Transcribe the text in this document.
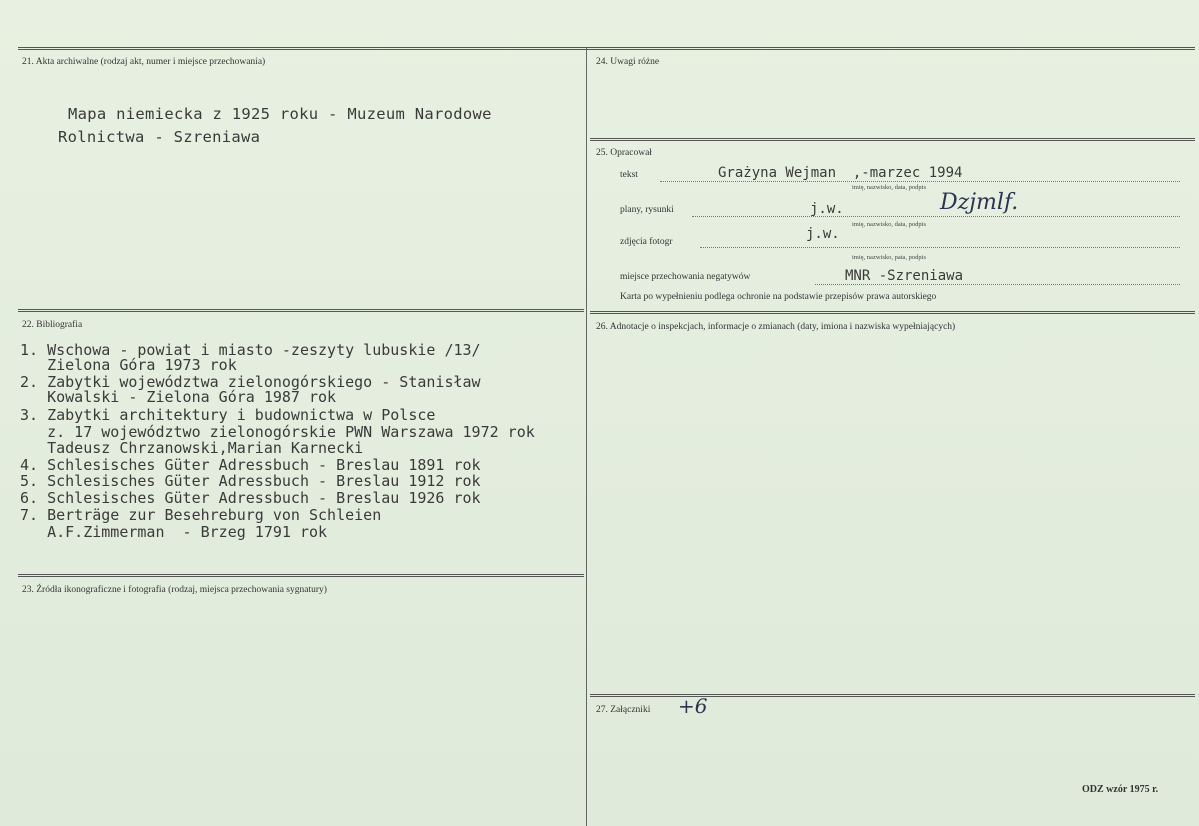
21. Akta archiwalne (rodzaj akt, numer i miejsce przechowania)
Mapa niemiecka z 1925 roku - Muzeum Narodowe
Rolnictwa - Szreniawa
22. Bibliografia
1. Wschowa - powiat i miasto -zeszyty lubuskie /13/
Zielona Góra 1973 rok
2. Zabytki województwa zielonogórskiego - Stanisław
Kowalski - Zielona Góra 1987 rok
3. Zabytki architektury i budownictwa w Polsce
z. 17 województwo zielonogórskie PWN Warszawa 1972 rok
Tadeusz Chrzanowski,Marian Karnecki
4. Schlesisches Güter Adressbuch - Breslau 1891 rok
5. Schlesisches Güter Adressbuch - Breslau 1912 rok
6. Schlesisches Güter Adressbuch - Breslau 1926 rok
7. Berträge zur Besehreburg von Schleien
A.F.Zimmerman  - Brzeg 1791 rok
23. Źródła ikonograficzne i fotografia (rodzaj, miejsca przechowania sygnatury)
24. Uwagi różne
25. Opracował
tekst	Grażyna Wejman  ,-marzec 1994
imię, nazwisko, data, podpis
plany, rysunki	j.w.	Dzjmlf.
imię, nazwisko, data, podpis
zdjęcia fotogr	j.w.
imię, nazwisko, pata, podpis
miejsce przechowania negatywów	MNR -Szreniawa
Karta po wypełnieniu podlega ochronie na podstawie przepisów prawa autorskiego
26. Adnotacje o inspekcjach, informacje o zmianach (daty, imiona i nazwiska wypełniających)
27. Załączniki +6
ODZ wzór 1975 r.
